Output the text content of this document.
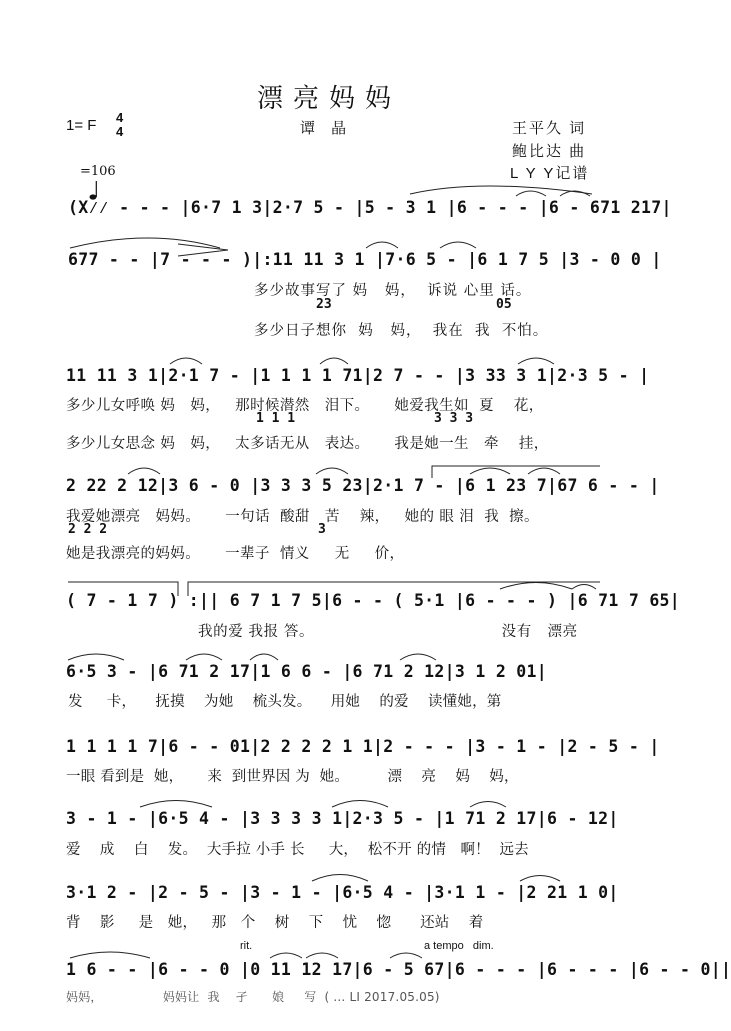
漂亮妈妈
1= F 4
4	谭 晶	王平久 词
鲍比达 曲
L Y Y记谱

=106
(X⁄⁄ - - - |6·7 1 3|2·7 5 - |5 - 3 1 |6 - - - |6 - 671 217|
677 - - |7 - - - )|:11 11 3 1 |7·6 5 - |6 1 7 5 |3 - 0 0 |
多少故事写了 妈   妈，  诉说 心里 话。
23	05
多少日子想你  妈   妈，  我在  我  不怕。
11 11 3 1|2·1 7 - |1 1 1 1 71|2 7 - - |3 33 3 1|2·3 5 - |
多少儿女呼唤 妈   妈，   那时候潜然   泪下。     她爱我生如  夏    花，
1 1 1	3 3 3
多少儿女思念 妈   妈，   太多话无从   表达。     我是她一生   牵    挂，
2 22 2 12|3 6 - 0 |3 3 3 5 23|2·1 7 - |6 1 23 7|67 6 - - |
我爱她漂亮   妈妈。     一句话  酸甜   苦    辣，   她的 眼 泪  我  擦。
2 2 2	3
她是我漂亮的妈妈。     一辈子  情义     无     价，
( 7 - 1 7 ) :|| 6 7 1 7 5|6 - - ( 5·1 |6 - - - ) |6 71 7 65|
我的爱 我报 答。                                    没有   漂亮
6·5 3 - |6 71 2 17|1 6 6 - |6 71 2 12|3 1 2 01|
发     卡，    抚摸    为她    梳头发。    用她    的爱    读懂她，第
1 1 1 1 7|6 - - 01|2 2 2 2 1 1|2 - - - |3 - 1 - |2 - 5 - |
一眼 看到是  她，     来  到世界因 为  她。        漂    亮    妈    妈，
3 - 1 - |6·5 4 - |3 3 3 3 1|2·3 5 - |1 71 2 17|6 - 12|
爱    成    白    发。  大手拉 小手 长     大，  松不开 的情   啊！  远去
3·1 2 - |2 - 5 - |3 - 1 - |6·5 4 - |3·1 1 - |2 21 1 0|
背    影     是   她，   那   个    树    下    忧    惚      还站    着
rit.	a tempo   dim.
1 6 - - |6 - - 0 |0 11 12 17|6 - 5 67|6 - - - |6 - - - |6 - - 0||
妈妈，               妈妈让  我    孑      娘     写  ( ... LI 2017.05.05)
